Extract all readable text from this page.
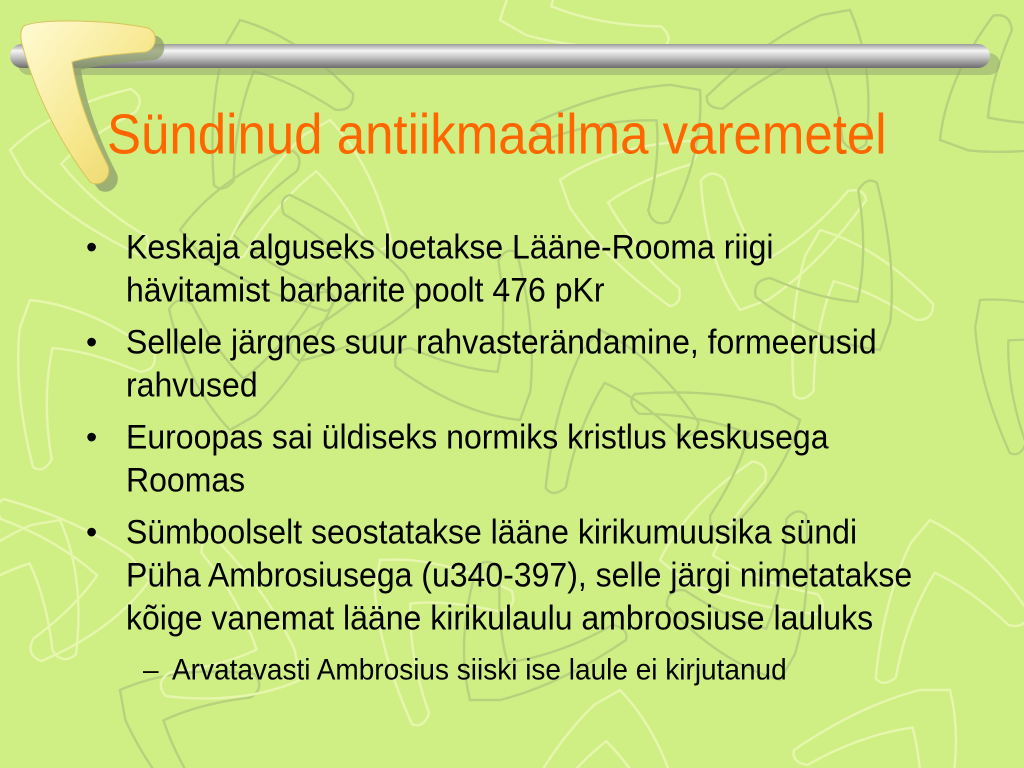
Sündinud antiikmaailma varemetel
• Keskaja alguseks loetakse Lääne-Rooma riigi
hävitamist barbarite poolt 476 pKr
• Sellele järgnes suur rahvasterändamine, formeerusid
rahvused
• Euroopas sai üldiseks normiks kristlus keskusega
Roomas
• Sümboolselt seostatakse lääne kirikumuusika sündi
Püha Ambrosiusega (u340-397), selle järgi nimetatakse
kõige vanemat lääne kirikulaulu ambroosiuse lauluks
– Arvatavasti Ambrosius siiski ise laule ei kirjutanud
